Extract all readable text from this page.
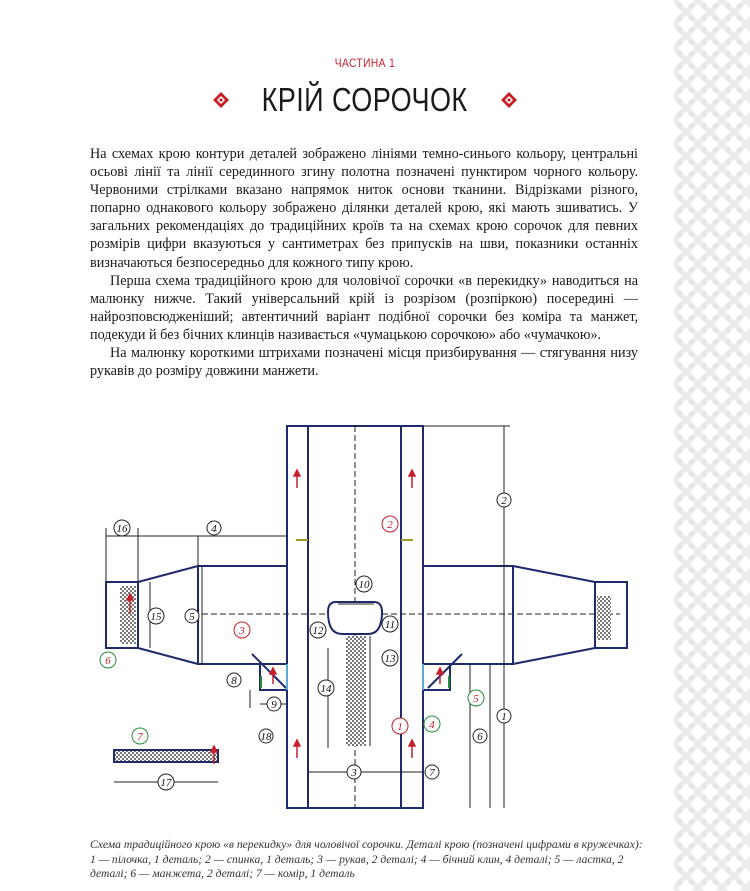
ЧАСТИНА 1
КРІЙ СОРОЧОК

На схемах крою контури деталей зображено лініями темно-синього кольору, центральні осьові лінії та лінії серединного згину полотна позначені пунктиром чорного кольору. Червоними стрілками вказано напрямок ниток основи тканини. Відрізками різного, попарно однакового кольору зображено ділянки деталей крою, які мають зшиватись. У загальних рекомендаціях до традиційних кроїв та на схемах крою сорочок для певних розмірів цифри вказуються у сантиметрах без припусків на шви, показники останніх визначаються безпосередньо для кожного типу крою.

Перша схема традиційного крою для чоловічої сорочки «в перекидку» наводиться на малюнку нижче. Такий універсальний крій із розрізом (розпіркою) посередині — найрозповсюдженіший; автентичний варіант подібної сорочки без коміра та манжет, подекуди й без бічних клинців називається «чумацькою сорочкою» або «чумачкою».

На малюнку короткими штрихами позначені місця призбирування — стягування низу рукавів до розміру довжини манжети.

16	4
2
15	5
10
12	11
13
14
8
9
1
6
3	7
18
17
2
3
6
5
4
1
7
Схема традиційного крою «в перекидку» для чоловічої сорочки. Деталі крою (позначені цифрами в кружечках): 1 — пілочка, 1 деталь; 2 — спинка, 1 деталь; 3 — рукав, 2 деталі; 4 — бічний клин, 4 деталі; 5 — ластка, 2 деталі; 6 — манжета, 2 деталі; 7 — комір, 1 деталь
